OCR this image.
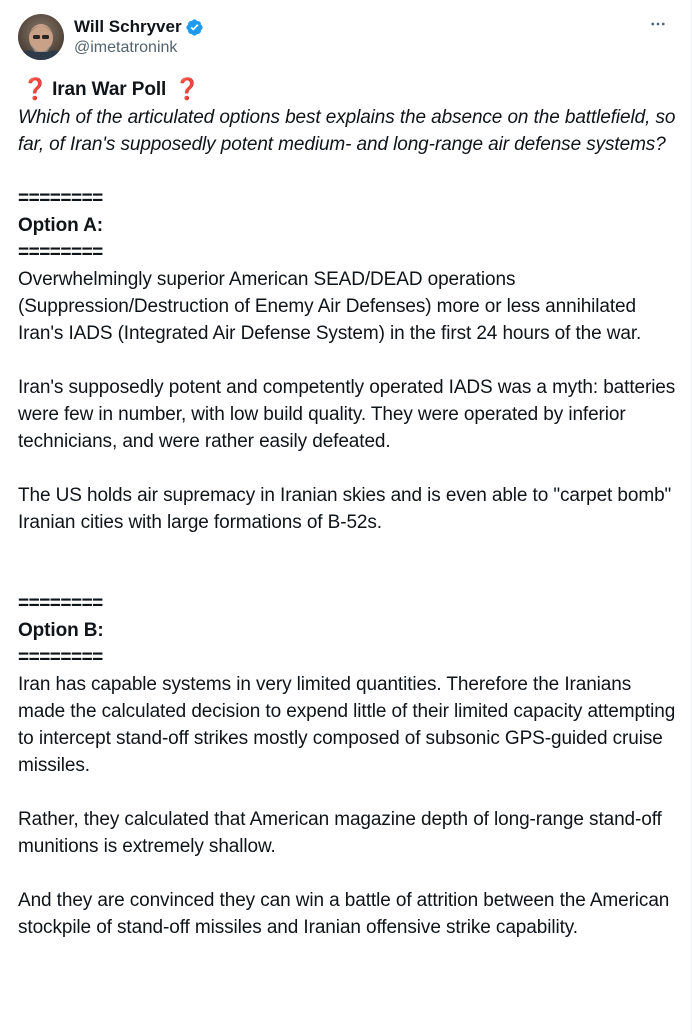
Will Schryver
@imetatronink
❓ Iran War Poll ❓

Which of the articulated options best explains the absence on the battlefield, so far, of Iran's supposedly potent medium- and long-range air defense systems?

========

Option A:

========

Overwhelmingly superior American SEAD/DEAD operations (Suppression/Destruction of Enemy Air Defenses) more or less annihilated Iran's IADS (Integrated Air Defense System) in the first 24 hours of the war.

Iran's supposedly potent and competently operated IADS was a myth: batteries were few in number, with low build quality. They were operated by inferior technicians, and were rather easily defeated.

The US holds air supremacy in Iranian skies and is even able to "carpet bomb" Iranian cities with large formations of B-52s.

========

Option B:

========

Iran has capable systems in very limited quantities. Therefore the Iranians made the calculated decision to expend little of their limited capacity attempting to intercept stand-off strikes mostly composed of subsonic GPS-guided cruise missiles.

Rather, they calculated that American magazine depth of long-range stand-off munitions is extremely shallow.

And they are convinced they can win a battle of attrition between the American stockpile of stand-off missiles and Iranian offensive strike capability.
